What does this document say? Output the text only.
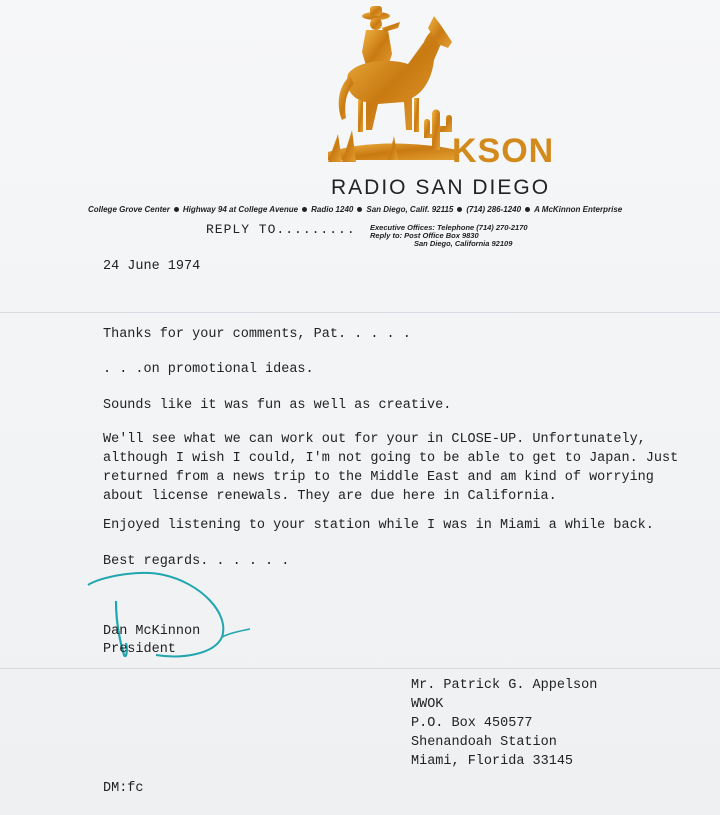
KSON
RADIO SAN DIEGO
College Grove Center Highway 94 at College Avenue Radio 1240 San Diego, Calif. 92115 (714) 286-1240 A McKinnon Enterprise
REPLY TO......... Executive Offices: Telephone (714) 270-2170
Reply to: Post Office Box 9830
San Diego, California 92109
24 June 1974
Thanks for your comments, Pat. . . . .
. . .on promotional ideas.
Sounds like it was fun as well as creative.
We'll see what we can work out for your in CLOSE-UP. Unfortunately,
although I wish I could, I'm not going to be able to get to Japan. Just
returned from a news trip to the Middle East and am kind of worrying
about license renewals. They are due here in California.
Enjoyed listening to your station while I was in Miami a while back.
Best regards. . . . . .
Dan McKinnon
President
Mr. Patrick G. Appelson
WWOK
P.O. Box 450577
Shenandoah Station
Miami, Florida 33145
DM:fc
